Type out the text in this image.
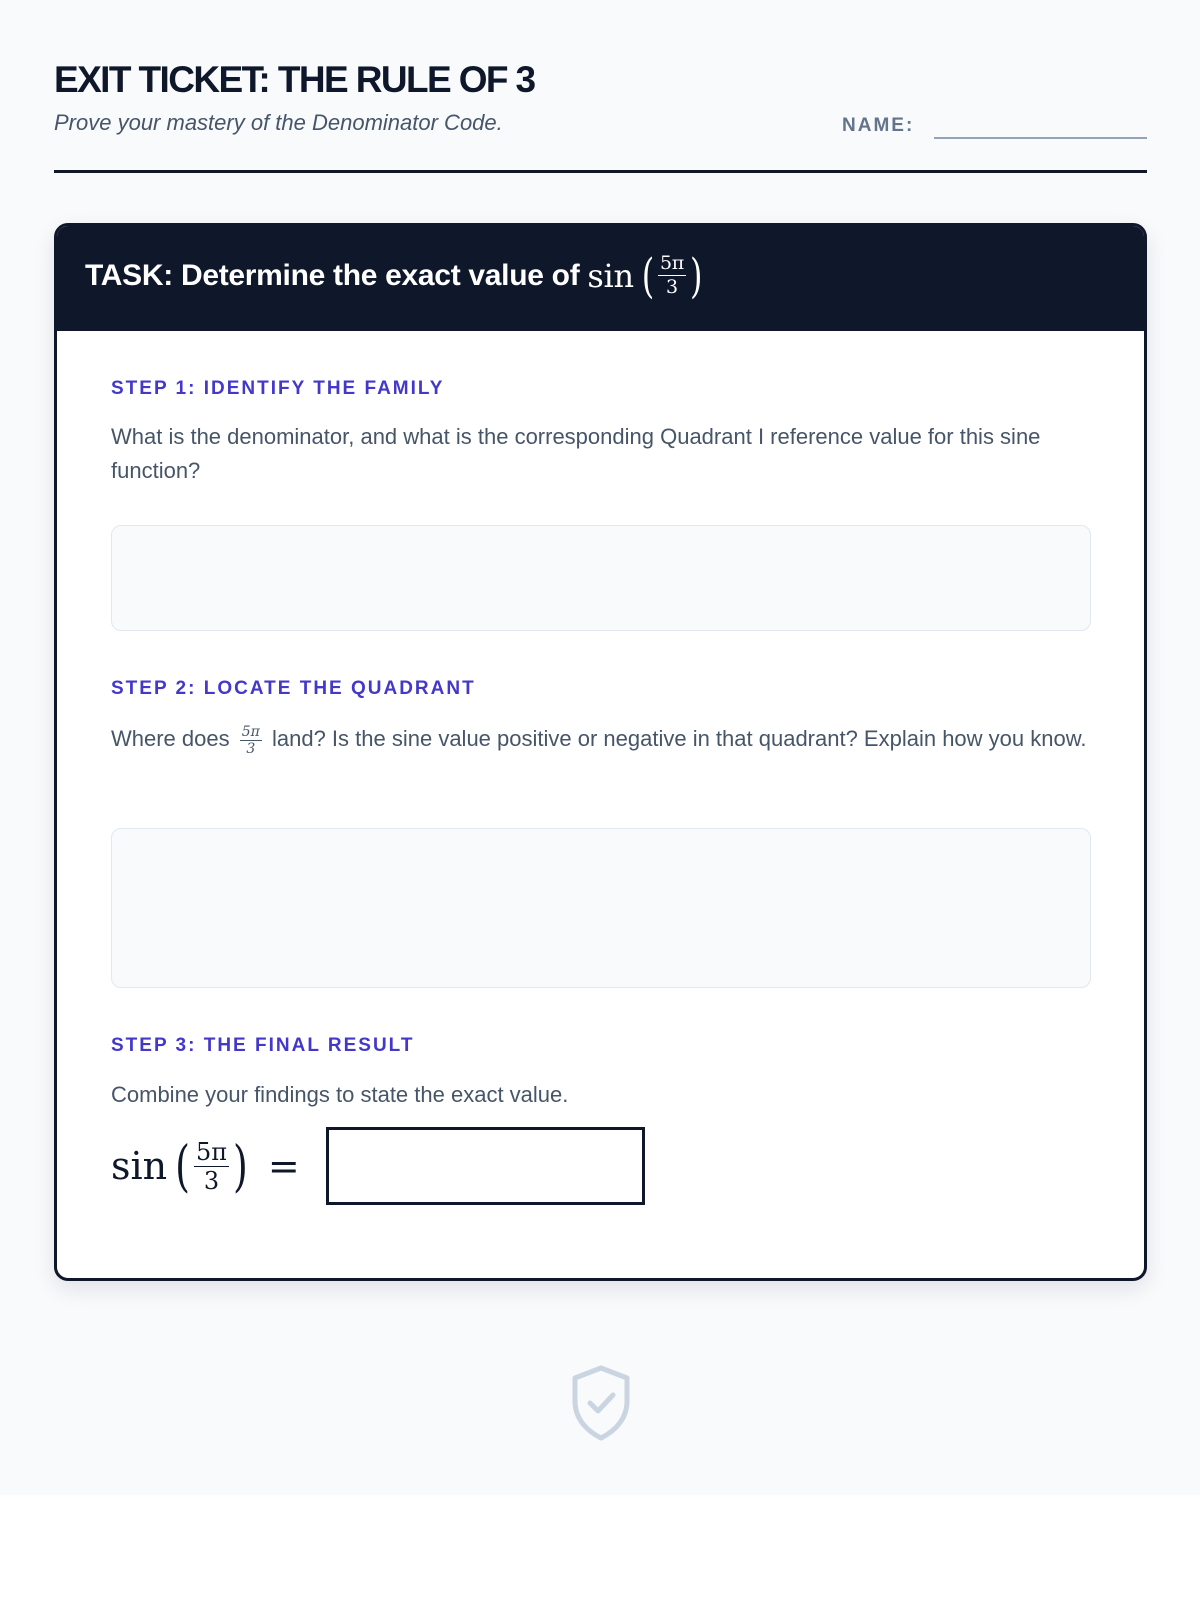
EXIT TICKET: THE RULE OF 3

Prove your mastery of the Denominator Code.	NAME:
TASK: Determine the exact value of sin ( $\frac{5\pi}{3}$ )
STEP 1: IDENTIFY THE FAMILY

What is the denominator, and what is the corresponding Quadrant I reference value for this sine function?

STEP 2: LOCATE THE QUADRANT

Where does $\frac{5\pi}{3}$ land? Is the sine value positive or negative in that quadrant? Explain how you know.

STEP 3: THE FINAL RESULT

Combine your findings to state the exact value.

sin ( $\frac{5\pi}{3}$ ) =
